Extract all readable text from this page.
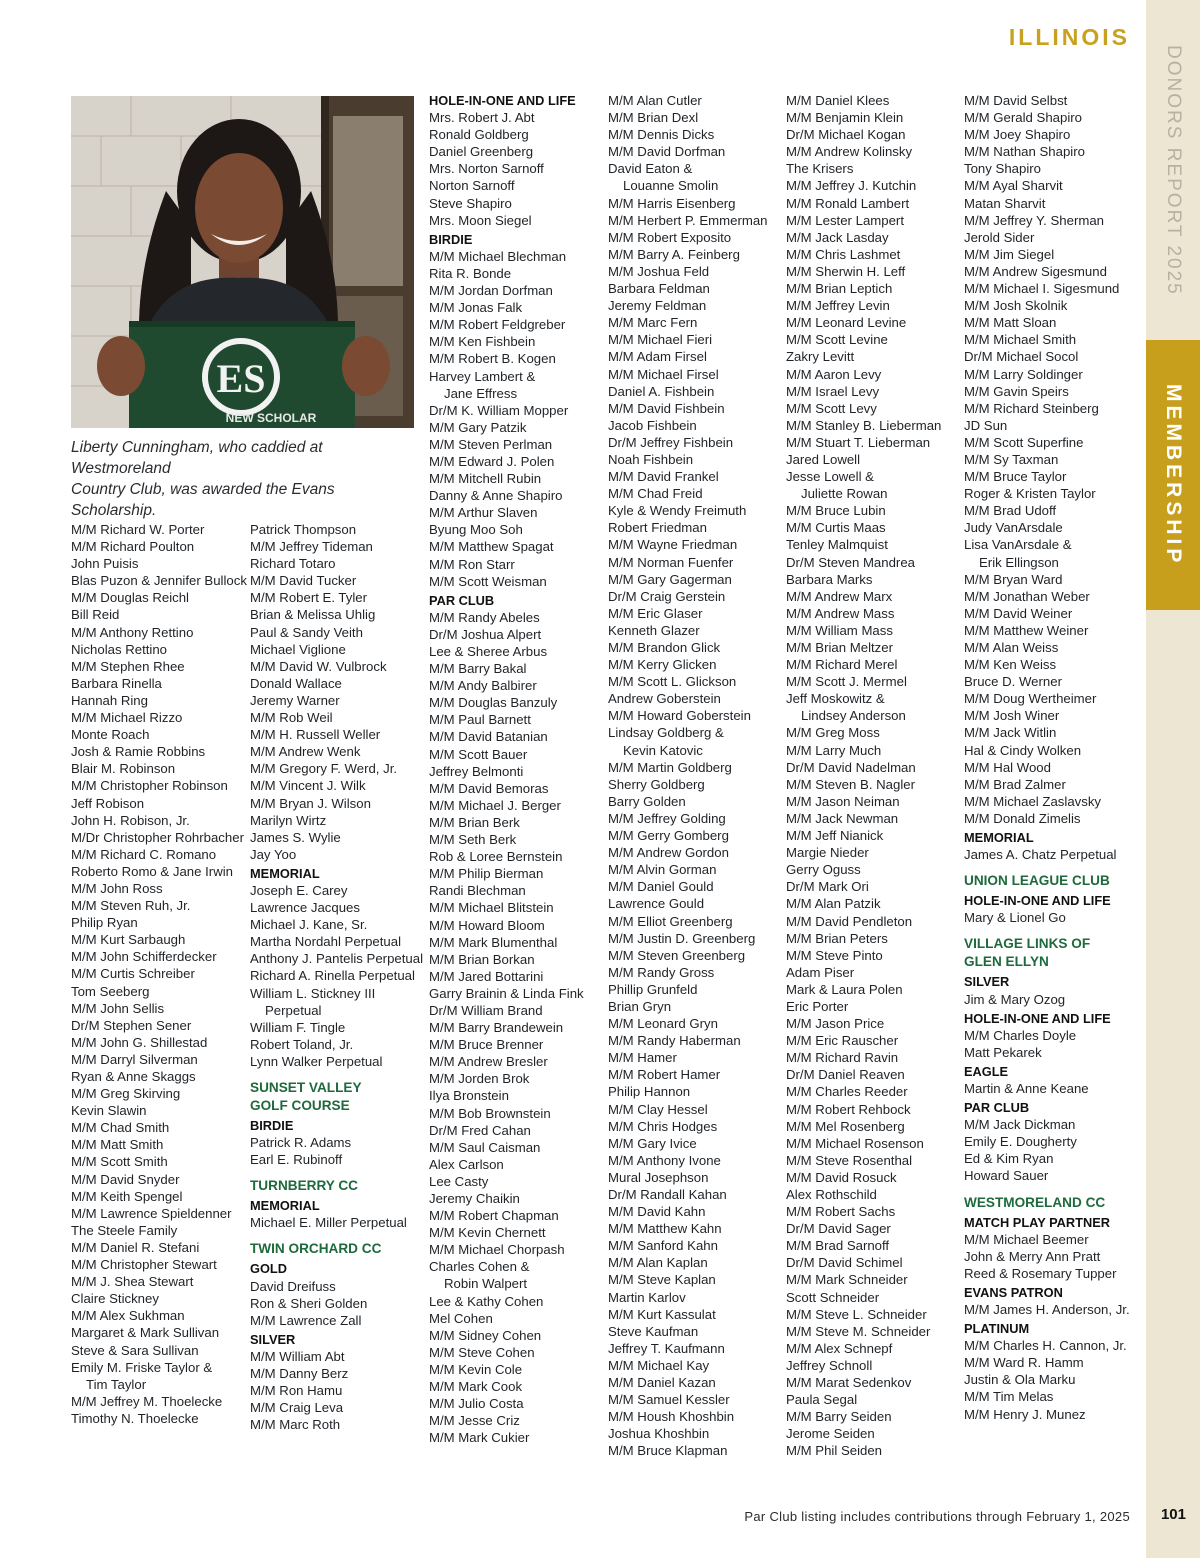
ILLINOIS
DONORS REPORT 2025
MEMBERSHIP
ES
NEW SCHOLAR
Liberty Cunningham, who caddied at Westmoreland
Country Club, was awarded the Evans Scholarship.
M/M Richard W. Porter
M/M Richard Poulton
John Puisis
Blas Puzon & Jennifer Bullock
M/M Douglas Reichl
Bill Reid
M/M Anthony Rettino
Nicholas Rettino
M/M Stephen Rhee
Barbara Rinella
Hannah Ring
M/M Michael Rizzo
Monte Roach
Josh & Ramie Robbins
Blair M. Robinson
M/M Christopher Robinson
Jeff Robison
John H. Robison, Jr.
M/Dr Christopher Rohrbacher
M/M Richard C. Romano
Roberto Romo & Jane Irwin
M/M John Ross
M/M Steven Ruh, Jr.
Philip Ryan
M/M Kurt Sarbaugh
M/M John Schifferdecker
M/M Curtis Schreiber
Tom Seeberg
M/M John Sellis
Dr/M Stephen Sener
M/M John G. Shillestad
M/M Darryl Silverman
Ryan & Anne Skaggs
M/M Greg Skirving
Kevin Slawin
M/M Chad Smith
M/M Matt Smith
M/M Scott Smith
M/M David Snyder
M/M Keith Spengel
M/M Lawrence Spieldenner
The Steele Family
M/M Daniel R. Stefani
M/M Christopher Stewart
M/M J. Shea Stewart
Claire Stickney
M/M Alex Sukhman
Margaret & Mark Sullivan
Steve & Sara Sullivan
Emily M. Friske Taylor &
Tim Taylor
M/M Jeffrey M. Thoelecke
Timothy N. Thoelecke
Patrick Thompson
M/M Jeffrey Tideman
Richard Totaro
M/M David Tucker
M/M Robert E. Tyler
Brian & Melissa Uhlig
Paul & Sandy Veith
Michael Viglione
M/M David W. Vulbrock
Donald Wallace
Jeremy Warner
M/M Rob Weil
M/M H. Russell Weller
M/M Andrew Wenk
M/M Gregory F. Werd, Jr.
M/M Vincent J. Wilk
M/M Bryan J. Wilson
Marilyn Wirtz
James S. Wylie
Jay Yoo
MEMORIAL
Joseph E. Carey
Lawrence Jacques
Michael J. Kane, Sr.
Martha Nordahl Perpetual
Anthony J. Pantelis Perpetual
Richard A. Rinella Perpetual
William L. Stickney III
Perpetual
William F. Tingle
Robert Toland, Jr.
Lynn Walker Perpetual
SUNSET VALLEY
GOLF COURSE
BIRDIE
Patrick R. Adams
Earl E. Rubinoff
TURNBERRY CC
MEMORIAL
Michael E. Miller Perpetual
TWIN ORCHARD CC
GOLD
David Dreifuss
Ron & Sheri Golden
M/M Lawrence Zall
SILVER
M/M William Abt
M/M Danny Berz
M/M Ron Hamu
M/M Craig Leva
M/M Marc Roth
HOLE-IN-ONE AND LIFE
Mrs. Robert J. Abt
Ronald Goldberg
Daniel Greenberg
Mrs. Norton Sarnoff
Norton Sarnoff
Steve Shapiro
Mrs. Moon Siegel
BIRDIE
M/M Michael Blechman
Rita R. Bonde
M/M Jordan Dorfman
M/M Jonas Falk
M/M Robert Feldgreber
M/M Ken Fishbein
M/M Robert B. Kogen
Harvey Lambert &
Jane Effress
Dr/M K. William Mopper
M/M Gary Patzik
M/M Steven Perlman
M/M Edward J. Polen
M/M Mitchell Rubin
Danny & Anne Shapiro
M/M Arthur Slaven
Byung Moo Soh
M/M Matthew Spagat
M/M Ron Starr
M/M Scott Weisman
PAR CLUB
M/M Randy Abeles
Dr/M Joshua Alpert
Lee & Sheree Arbus
M/M Barry Bakal
M/M Andy Balbirer
M/M Douglas Banzuly
M/M Paul Barnett
M/M David Batanian
M/M Scott Bauer
Jeffrey Belmonti
M/M David Bemoras
M/M Michael J. Berger
M/M Brian Berk
M/M Seth Berk
Rob & Loree Bernstein
M/M Philip Bierman
Randi Blechman
M/M Michael Blitstein
M/M Howard Bloom
M/M Mark Blumenthal
M/M Brian Borkan
M/M Jared Bottarini
Garry Brainin & Linda Fink
Dr/M William Brand
M/M Barry Brandewein
M/M Bruce Brenner
M/M Andrew Bresler
M/M Jorden Brok
Ilya Bronstein
M/M Bob Brownstein
Dr/M Fred Cahan
M/M Saul Caisman
Alex Carlson
Lee Casty
Jeremy Chaikin
M/M Robert Chapman
M/M Kevin Chernett
M/M Michael Chorpash
Charles Cohen &
Robin Walpert
Lee & Kathy Cohen
Mel Cohen
M/M Sidney Cohen
M/M Steve Cohen
M/M Kevin Cole
M/M Mark Cook
M/M Julio Costa
M/M Jesse Criz
M/M Mark Cukier
M/M Alan Cutler
M/M Brian Dexl
M/M Dennis Dicks
M/M David Dorfman
David Eaton &
Louanne Smolin
M/M Harris Eisenberg
M/M Herbert P. Emmerman
M/M Robert Exposito
M/M Barry A. Feinberg
M/M Joshua Feld
Barbara Feldman
Jeremy Feldman
M/M Marc Fern
M/M Michael Fieri
M/M Adam Firsel
M/M Michael Firsel
Daniel A. Fishbein
M/M David Fishbein
Jacob Fishbein
Dr/M Jeffrey Fishbein
Noah Fishbein
M/M David Frankel
M/M Chad Freid
Kyle & Wendy Freimuth
Robert Friedman
M/M Wayne Friedman
M/M Norman Fuenfer
M/M Gary Gagerman
Dr/M Craig Gerstein
M/M Eric Glaser
Kenneth Glazer
M/M Brandon Glick
M/M Kerry Glicken
M/M Scott L. Glickson
Andrew Goberstein
M/M Howard Goberstein
Lindsay Goldberg &
Kevin Katovic
M/M Martin Goldberg
Sherry Goldberg
Barry Golden
M/M Jeffrey Golding
M/M Gerry Gomberg
M/M Andrew Gordon
M/M Alvin Gorman
M/M Daniel Gould
Lawrence Gould
M/M Elliot Greenberg
M/M Justin D. Greenberg
M/M Steven Greenberg
M/M Randy Gross
Phillip Grunfeld
Brian Gryn
M/M Leonard Gryn
M/M Randy Haberman
M/M Hamer
M/M Robert Hamer
Philip Hannon
M/M Clay Hessel
M/M Chris Hodges
M/M Gary Ivice
M/M Anthony Ivone
Mural Josephson
Dr/M Randall Kahan
M/M David Kahn
M/M Matthew Kahn
M/M Sanford Kahn
M/M Alan Kaplan
M/M Steve Kaplan
Martin Karlov
M/M Kurt Kassulat
Steve Kaufman
Jeffrey T. Kaufmann
M/M Michael Kay
M/M Daniel Kazan
M/M Samuel Kessler
M/M Housh Khoshbin
Joshua Khoshbin
M/M Bruce Klapman
M/M Daniel Klees
M/M Benjamin Klein
Dr/M Michael Kogan
M/M Andrew Kolinsky
The Krisers
M/M Jeffrey J. Kutchin
M/M Ronald Lambert
M/M Lester Lampert
M/M Jack Lasday
M/M Chris Lashmet
M/M Sherwin H. Leff
M/M Brian Leptich
M/M Jeffrey Levin
M/M Leonard Levine
M/M Scott Levine
Zakry Levitt
M/M Aaron Levy
M/M Israel Levy
M/M Scott Levy
M/M Stanley B. Lieberman
M/M Stuart T. Lieberman
Jared Lowell
Jesse Lowell &
Juliette Rowan
M/M Bruce Lubin
M/M Curtis Maas
Tenley Malmquist
Dr/M Steven Mandrea
Barbara Marks
M/M Andrew Marx
M/M Andrew Mass
M/M William Mass
M/M Brian Meltzer
M/M Richard Merel
M/M Scott J. Mermel
Jeff Moskowitz &
Lindsey Anderson
M/M Greg Moss
M/M Larry Much
Dr/M David Nadelman
M/M Steven B. Nagler
M/M Jason Neiman
M/M Jack Newman
M/M Jeff Nianick
Margie Nieder
Gerry Oguss
Dr/M Mark Ori
M/M Alan Patzik
M/M David Pendleton
M/M Brian Peters
M/M Steve Pinto
Adam Piser
Mark & Laura Polen
Eric Porter
M/M Jason Price
M/M Eric Rauscher
M/M Richard Ravin
Dr/M Daniel Reaven
M/M Charles Reeder
M/M Robert Rehbock
M/M Mel Rosenberg
M/M Michael Rosenson
M/M Steve Rosenthal
M/M David Rosuck
Alex Rothschild
M/M Robert Sachs
Dr/M David Sager
M/M Brad Sarnoff
Dr/M David Schimel
M/M Mark Schneider
Scott Schneider
M/M Steve L. Schneider
M/M Steve M. Schneider
M/M Alex Schnepf
Jeffrey Schnoll
M/M Marat Sedenkov
Paula Segal
M/M Barry Seiden
Jerome Seiden
M/M Phil Seiden
M/M David Selbst
M/M Gerald Shapiro
M/M Joey Shapiro
M/M Nathan Shapiro
Tony Shapiro
M/M Ayal Sharvit
Matan Sharvit
M/M Jeffrey Y. Sherman
Jerold Sider
M/M Jim Siegel
M/M Andrew Sigesmund
M/M Michael I. Sigesmund
M/M Josh Skolnik
M/M Matt Sloan
M/M Michael Smith
Dr/M Michael Socol
M/M Larry Soldinger
M/M Gavin Speirs
M/M Richard Steinberg
JD Sun
M/M Scott Superfine
M/M Sy Taxman
M/M Bruce Taylor
Roger & Kristen Taylor
M/M Brad Udoff
Judy VanArsdale
Lisa VanArsdale &
Erik Ellingson
M/M Bryan Ward
M/M Jonathan Weber
M/M David Weiner
M/M Matthew Weiner
M/M Alan Weiss
M/M Ken Weiss
Bruce D. Werner
M/M Doug Wertheimer
M/M Josh Winer
M/M Jack Witlin
Hal & Cindy Wolken
M/M Hal Wood
M/M Brad Zalmer
M/M Michael Zaslavsky
M/M Donald Zimelis
MEMORIAL
James A. Chatz Perpetual
UNION LEAGUE CLUB
HOLE-IN-ONE AND LIFE
Mary & Lionel Go
VILLAGE LINKS OF
GLEN ELLYN
SILVER
Jim & Mary Ozog
HOLE-IN-ONE AND LIFE
M/M Charles Doyle
Matt Pekarek
EAGLE
Martin & Anne Keane
PAR CLUB
M/M Jack Dickman
Emily E. Dougherty
Ed & Kim Ryan
Howard Sauer
WESTMORELAND CC
MATCH PLAY PARTNER
M/M Michael Beemer
John & Merry Ann Pratt
Reed & Rosemary Tupper
EVANS PATRON
M/M James H. Anderson, Jr.
PLATINUM
M/M Charles H. Cannon, Jr.
M/M Ward R. Hamm
Justin & Ola Marku
M/M Tim Melas
M/M Henry J. Munez
Par Club listing includes contributions through February 1, 2025 101
